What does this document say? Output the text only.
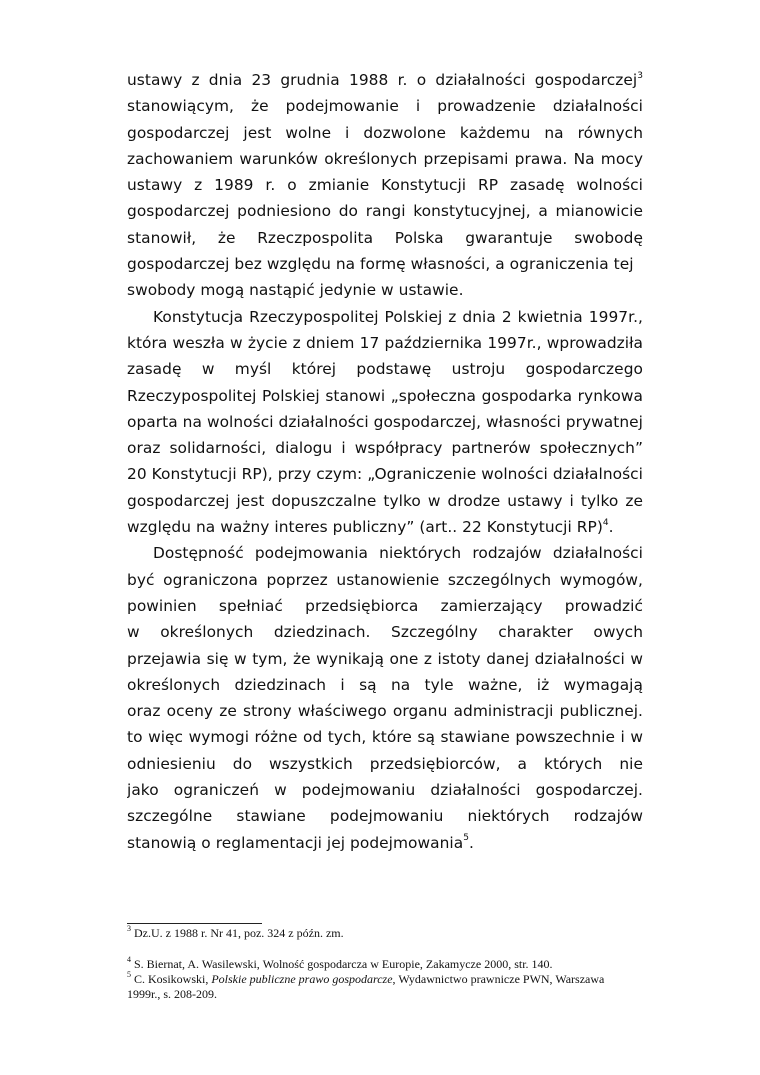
ustawy z dnia 23 grudnia 1988 r. o działalności gospodarczej$^3$
stanowiącym, że podejmowanie i prowadzenie działalności
gospodarczej jest wolne i dozwolone każdemu na równych
zachowaniem warunków określonych przepisami prawa. Na mocy
ustawy z 1989 r. o zmianie Konstytucji RP zasadę wolności
gospodarczej podniesiono do rangi konstytucyjnej, a mianowicie
stanowił, że Rzeczpospolita Polska gwarantuje swobodę
gospodarczej bez względu na formę własności, a ograniczenia tej
swobody mogą nastąpić jedynie w ustawie.
Konstytucja Rzeczypospolitej Polskiej z dnia 2 kwietnia 1997r.,
która weszła w życie z dniem 17 października 1997r., wprowadziła
zasadę w myśl której podstawę ustroju gospodarczego
Rzeczypospolitej Polskiej stanowi „społeczna gospodarka rynkowa
oparta na wolności działalności gospodarczej, własności prywatnej
oraz solidarności, dialogu i współpracy partnerów społecznych”
20 Konstytucji RP), przy czym: „Ograniczenie wolności działalności
gospodarczej jest dopuszczalne tylko w drodze ustawy i tylko ze
względu na ważny interes publiczny” (art.. 22 Konstytucji RP)$^4$.
Dostępność podejmowania niektórych rodzajów działalności
być ograniczona poprzez ustanowienie szczególnych wymogów,
powinien spełniać przedsiębiorca zamierzający prowadzić
w określonych dziedzinach. Szczególny charakter owych
przejawia się w tym, że wynikają one z istoty danej działalności w
określonych dziedzinach i są na tyle ważne, iż wymagają
oraz oceny ze strony właściwego organu administracji publicznej.
to więc wymogi różne od tych, które są stawiane powszechnie i w
odniesieniu do wszystkich przedsiębiorców, a których nie
jako ograniczeń w podejmowaniu działalności gospodarczej.
szczególne stawiane podejmowaniu niektórych rodzajów
stanowią o reglamentacji jej podejmowania$^5$.

$^3$ Dz.U. z 1988 r. Nr 41, poz. 324 z późn. zm.

$^4$ S. Biernat, A. Wasilewski, Wolność gospodarcza w Europie, Zakamycze 2000, str. 140.

$^5$ C. Kosikowski, Polskie publiczne prawo gospodarcze, Wydawnictwo prawnicze PWN, Warszawa

1999r., s. 208-209.
